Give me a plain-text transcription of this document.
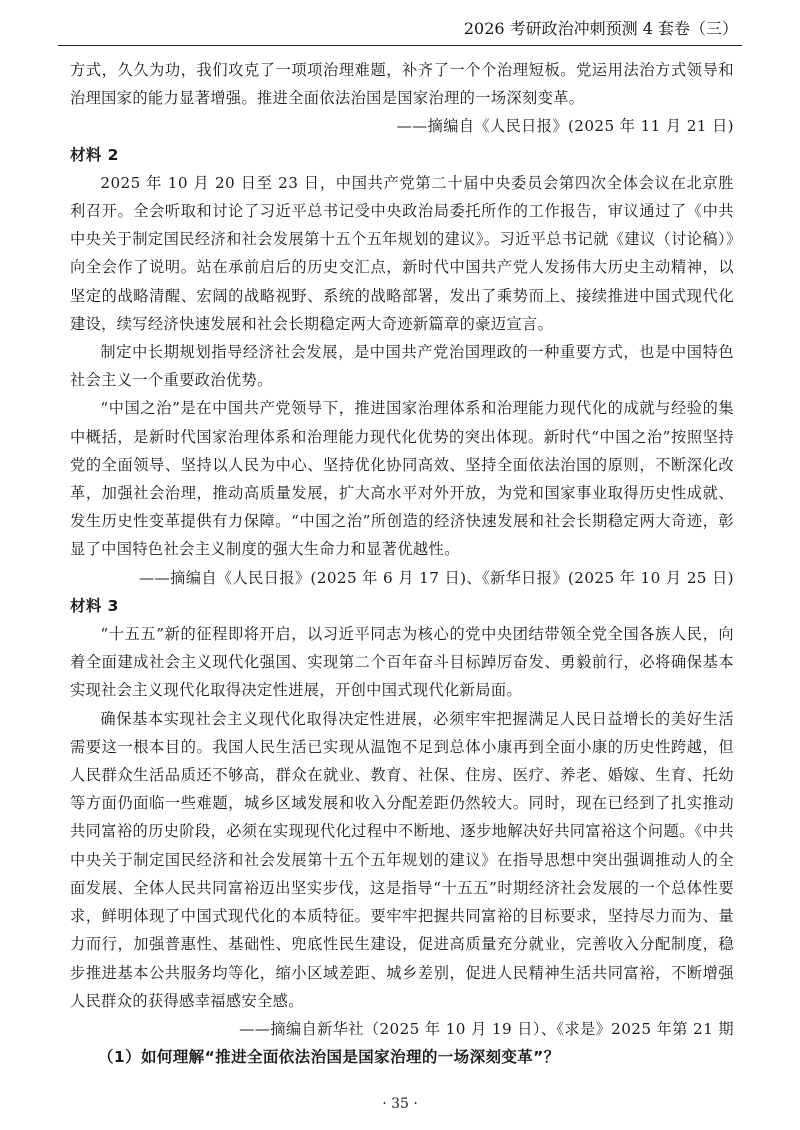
2026 考研政治冲刺预测 4 套卷（三）

方式，久久为功，我们攻克了一项项治理难题，补齐了一个个治理短板。党运用法治方式领导和治理国家的能力显著增强。推进全面依法治国是国家治理的一场深刻变革。

——摘编自《人民日报》(2025 年 11 月 21 日)

材料 2

2025 年 10 月 20 日至 23 日，中国共产党第二十届中央委员会第四次全体会议在北京胜利召开。全会听取和讨论了习近平总书记受中央政治局委托所作的工作报告，审议通过了《中共中央关于制定国民经济和社会发展第十五个五年规划的建议》。习近平总书记就《建议（讨论稿）》向全会作了说明。站在承前启后的历史交汇点，新时代中国共产党人发扬伟大历史主动精神，以坚定的战略清醒、宏阔的战略视野、系统的战略部署，发出了乘势而上、接续推进中国式现代化建设，续写经济快速发展和社会长期稳定两大奇迹新篇章的豪迈宣言。

制定中长期规划指导经济社会发展，是中国共产党治国理政的一种重要方式，也是中国特色社会主义一个重要政治优势。

“中国之治”是在中国共产党领导下，推进国家治理体系和治理能力现代化的成就与经验的集中概括，是新时代国家治理体系和治理能力现代化优势的突出体现。新时代“中国之治”按照坚持党的全面领导、坚持以人民为中心、坚持优化协同高效、坚持全面依法治国的原则，不断深化改革，加强社会治理，推动高质量发展，扩大高水平对外开放，为党和国家事业取得历史性成就、发生历史性变革提供有力保障。“中国之治”所创造的经济快速发展和社会长期稳定两大奇迹，彰显了中国特色社会主义制度的强大生命力和显著优越性。

——摘编自《人民日报》(2025 年 6 月 17 日)、《新华日报》(2025 年 10 月 25 日)

材料 3

“十五五”新的征程即将开启，以习近平同志为核心的党中央团结带领全党全国各族人民，向着全面建成社会主义现代化强国、实现第二个百年奋斗目标踔厉奋发、勇毅前行，必将确保基本实现社会主义现代化取得决定性进展，开创中国式现代化新局面。

确保基本实现社会主义现代化取得决定性进展，必须牢牢把握满足人民日益增长的美好生活需要这一根本目的。我国人民生活已实现从温饱不足到总体小康再到全面小康的历史性跨越，但人民群众生活品质还不够高，群众在就业、教育、社保、住房、医疗、养老、婚嫁、生育、托幼等方面仍面临一些难题，城乡区域发展和收入分配差距仍然较大。同时，现在已经到了扎实推动共同富裕的历史阶段，必须在实现现代化过程中不断地、逐步地解决好共同富裕这个问题。《中共中央关于制定国民经济和社会发展第十五个五年规划的建议》在指导思想中突出强调推动人的全面发展、全体人民共同富裕迈出坚实步伐，这是指导“十五五”时期经济社会发展的一个总体性要求，鲜明体现了中国式现代化的本质特征。要牢牢把握共同富裕的目标要求，坚持尽力而为、量力而行，加强普惠性、基础性、兜底性民生建设，促进高质量充分就业，完善收入分配制度，稳步推进基本公共服务均等化，缩小区域差距、城乡差别，促进人民精神生活共同富裕，不断增强人民群众的获得感幸福感安全感。

——摘编自新华社（2025 年 10 月 19 日）、《求是》2025 年第 21 期

（1）如何理解“推进全面依法治国是国家治理的一场深刻变革”？

· 35 ·
